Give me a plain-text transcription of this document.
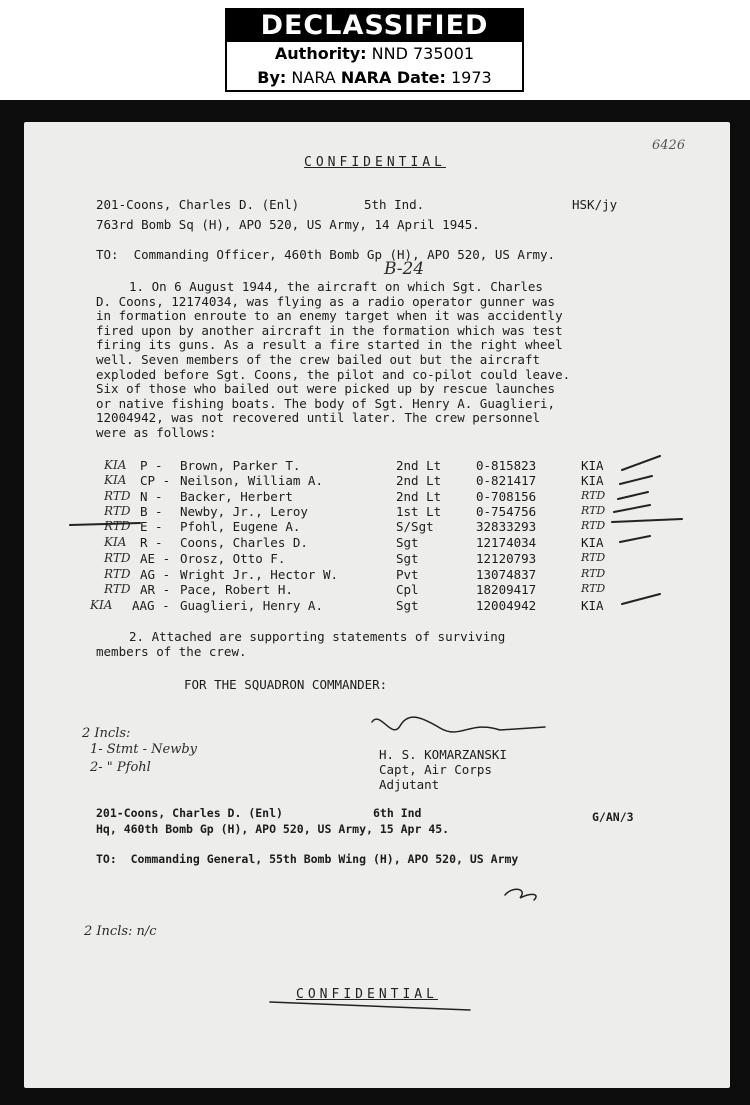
DECLASSIFIED
Authority: NND 735001
By: NARA NARA Date: 1973
6426
CONFIDENTIAL
201-Coons, Charles D. (Enl)	5th Ind.	HSK/jy
763rd Bomb Sq (H), APO 520, US Army, 14 April 1945.
TO:  Commanding Officer, 460th Bomb Gp (H), APO 520, US Army.
B-24

1. On 6 August 1944, the aircraft on which Sgt. Charles

D. Coons, 12174034, was flying as a radio operator gunner was

in formation enroute to an enemy target when it was accidently

fired upon by another aircraft in the formation which was test

firing its guns. As a result a fire started in the right wheel

well. Seven members of the crew bailed out but the aircraft

exploded before Sgt. Coons, the pilot and co-pilot could leave.

Six of those who bailed out were picked up by rescue launches

or native fishing boats. The body of Sgt. Henry A. Guaglieri,

12004942, was not recovered until later. The crew personnel

were as follows:

KIA P - Brown, Parker T.	2nd Lt	0-815823	KIA
KIA CP - Neilson, William A.	2nd Lt	0-821417	KIA
RTD N - Backer, Herbert	2nd Lt	0-708156	RTD
RTD B - Newby, Jr., Leroy	1st Lt	0-754756	RTD
RTD E - Pfohl, Eugene A.	S/Sgt	32833293	RTD
KIA R - Coons, Charles D.	Sgt	12174034	KIA
RTD AE - Orosz, Otto F.	Sgt	12120793	RTD
RTD AG - Wright Jr., Hector W.	Pvt	13074837	RTD
RTD AR - Pace, Robert H.	Cpl	18209417	RTD
KIA AAG - Guaglieri, Henry A.	Sgt	12004942	KIA

2. Attached are supporting statements of surviving

members of the crew.

FOR THE SQUADRON COMMANDER:
2 Incls:
1- Stmt - Newby
2- " Pfohl
H. S. KOMARZANSKI
Capt, Air Corps
Adjutant
201-Coons, Charles D. (Enl)	6th Ind	G/AN/3
Hq, 460th Bomb Gp (H), APO 520, US Army, 15 Apr 45.
TO:  Commanding General, 55th Bomb Wing (H), APO 520, US Army
2 Incls: n/c
CONFIDENTIAL
